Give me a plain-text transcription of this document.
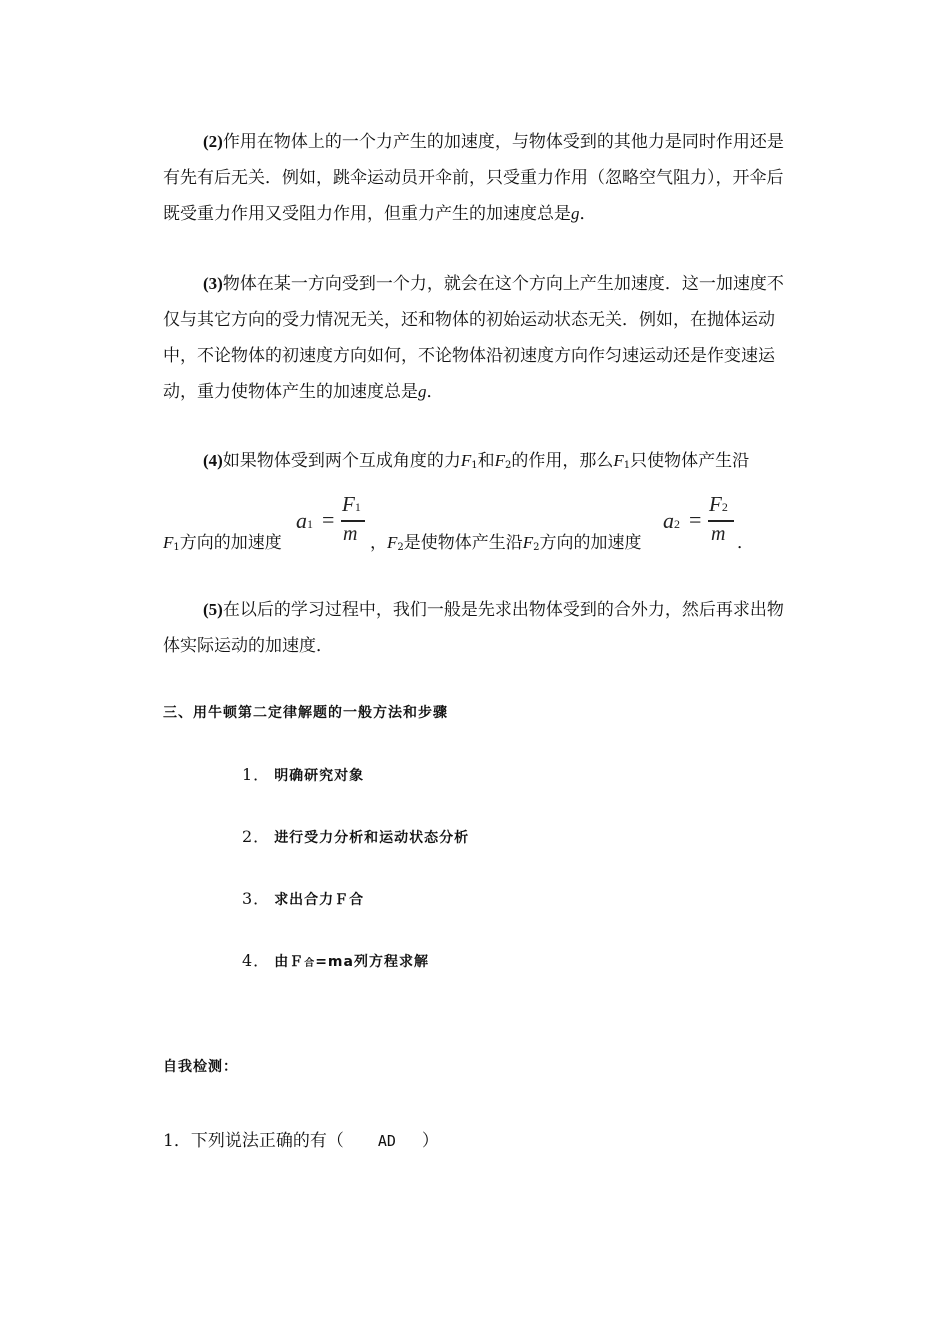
(2)作用在物体上的一个力产生的加速度，与物体受到的其他力是同时作用还是有先有后无关．例如，跳伞运动员开伞前，只受重力作用（忽略空气阻力），开伞后既受重力作用又受阻力作用，但重力产生的加速度总是g．
(3)物体在某一方向受到一个力，就会在这个方向上产生加速度．这一加速度不仅与其它方向的受力情况无关，还和物体的初始运动状态无关．例如，在抛体运动中，不论物体的初速度方向如何，不论物体沿初速度方向作匀速运动还是作变速运动，重力使物体产生的加速度总是g．
(4)如果物体受到两个互成角度的力$F_1$和$F_2$的作用，那么$F_1$只使物体产生沿
$F_1$方向的加速度
a1 =
F1
m ，$F_2$是使物体产生沿$F_2$方向的加速度
a2 =
F2
m ．
(5)在以后的学习过程中，我们一般是先求出物体受到的合外力，然后再求出物体实际运动的加速度．
三、用牛顿第二定律解题的一般方法和步骤
1． 明确研究对象
2． 进行受力分析和运动状态分析
3． 求出合力Ｆ合
4． 由Ｆ合=ma列方程求解
自我检测：
1．下列说法正确的有（ AD ）
